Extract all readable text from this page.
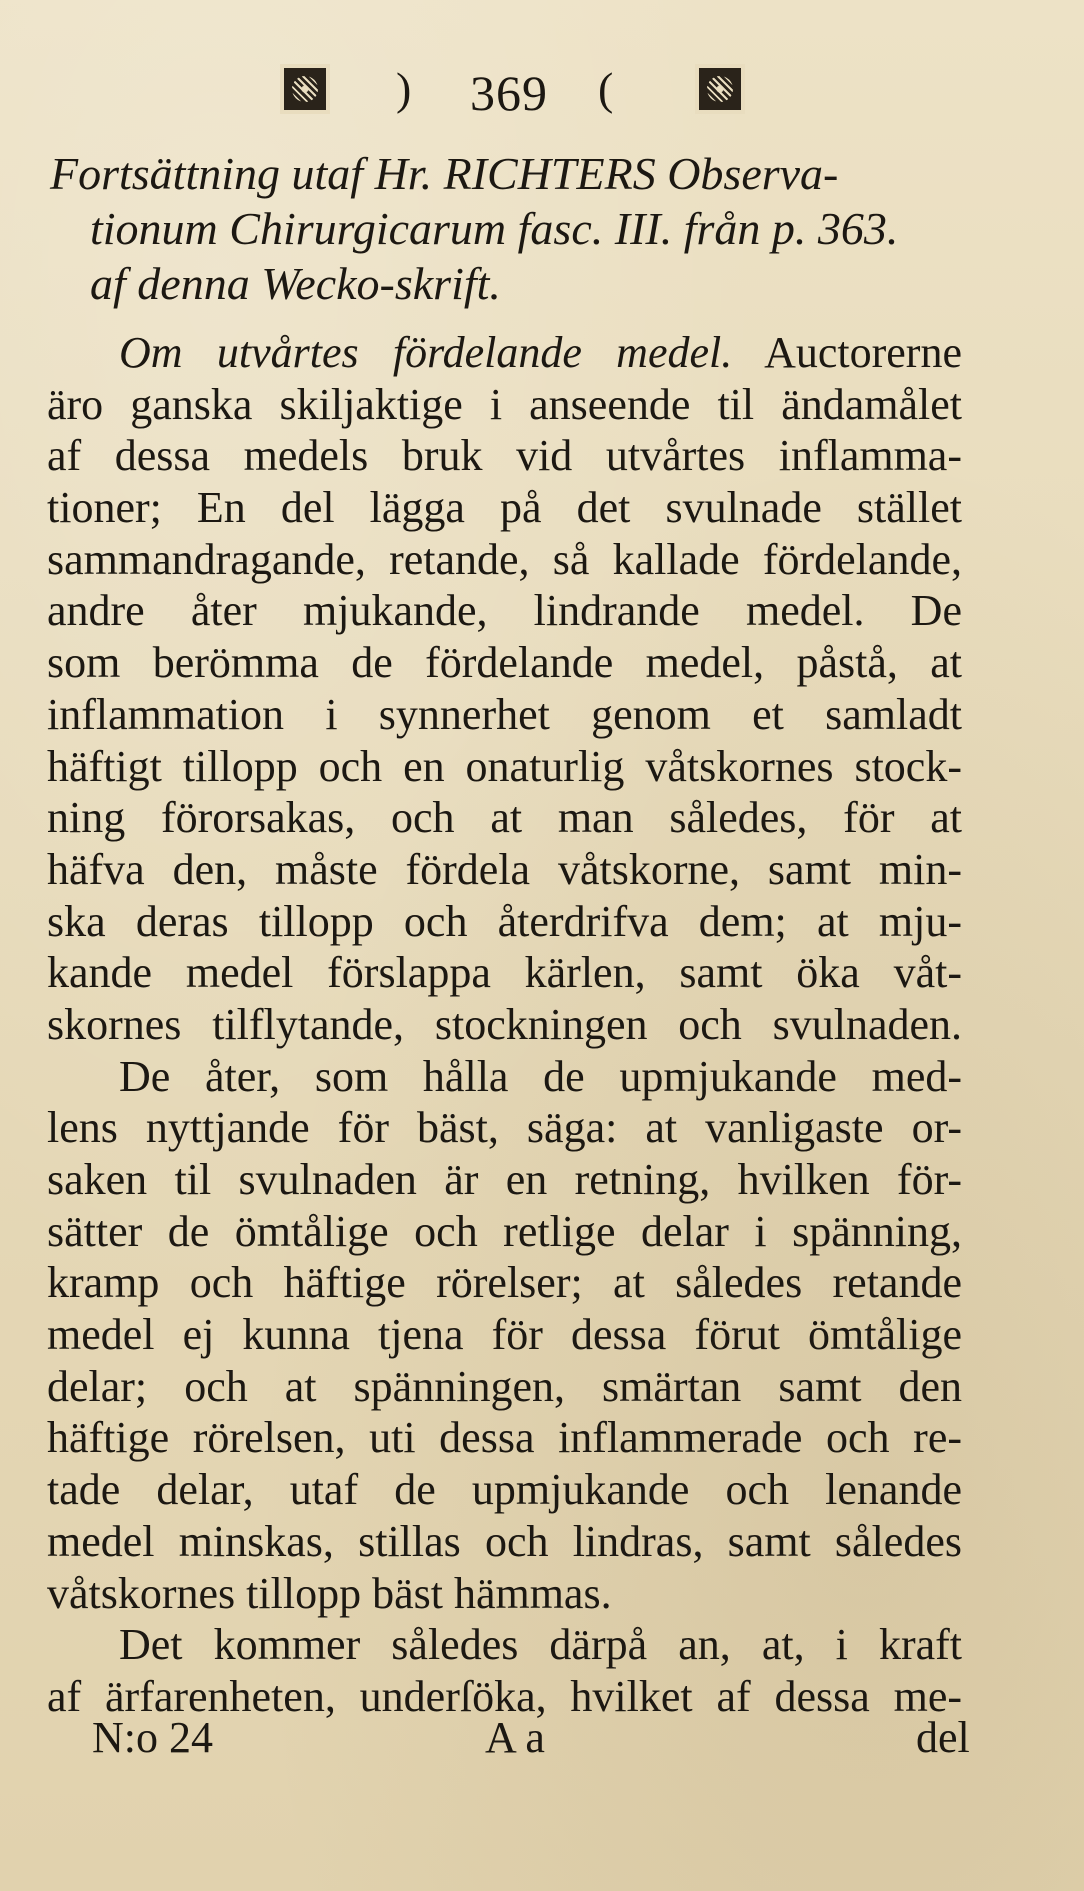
) 369 (
Fortsättning utaf Hr. RICHTERS Observa-
tionum Chirurgicarum fasc. III. från p. 363.
af denna Wecko-skrift.
Om utvårtes fördelande medel. Auctorerne
äro ganska skiljaktige i anseende til ändamålet
af dessa medels bruk vid utvårtes inflamma-
tioner; En del lägga på det svulnade stället
sammandragande, retande, så kallade fördelande,
andre åter mjukande, lindrande medel. De
som berömma de fördelande medel, påstå, at
inflammation i synnerhet genom et samladt
häftigt tillopp och en onaturlig våtskornes stock-
ning förorsakas, och at man således, för at
häfva den, måste fördela våtskorne, samt min-
ska deras tillopp och återdrifva dem; at mju-
kande medel förslappa kärlen, samt öka våt-
skornes tilflytande, stockningen och svulnaden.
De åter, som hålla de upmjukande med-
lens nyttjande för bäst, säga: at vanligaste or-
saken til svulnaden är en retning, hvilken för-
sätter de ömtålige och retlige delar i spänning,
kramp och häftige rörelser; at således retande
medel ej kunna tjena för dessa förut ömtålige
delar; och at spänningen, smärtan samt den
häftige rörelsen, uti dessa inflammerade och re-
tade delar, utaf de upmjukande och lenande
medel minskas, stillas och lindras, samt således
våtskornes tillopp bäst hämmas.
Det kommer således därpå an, at, i kraft
af ärfarenheten, underſöka, hvilket af dessa me-
N:o 24	A a	del
